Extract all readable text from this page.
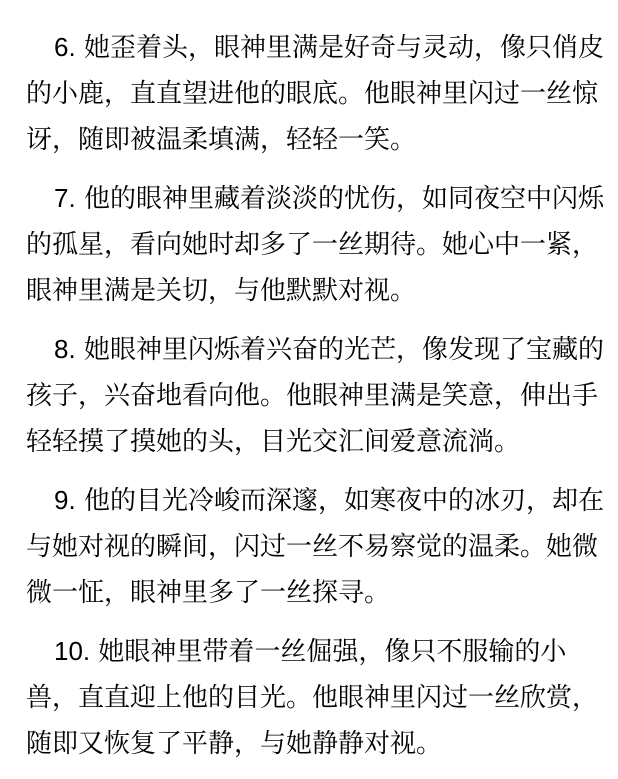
6. 她歪着头，眼神里满是好奇与灵动，像只俏皮的小鹿，直直望进他的眼底。他眼神里闪过一丝惊讶，随即被温柔填满，轻轻一笑。

7. 他的眼神里藏着淡淡的忧伤，如同夜空中闪烁的孤星，看向她时却多了一丝期待。她心中一紧，眼神里满是关切，与他默默对视。

8. 她眼神里闪烁着兴奋的光芒，像发现了宝藏的孩子，兴奋地看向他。他眼神里满是笑意，伸出手轻轻摸了摸她的头，目光交汇间爱意流淌。

9. 他的目光冷峻而深邃，如寒夜中的冰刃，却在与她对视的瞬间，闪过一丝不易察觉的温柔。她微微一怔，眼神里多了一丝探寻。

10. 她眼神里带着一丝倔强，像只不服输的小兽，直直迎上他的目光。他眼神里闪过一丝欣赏，随即又恢复了平静，与她静静对视。
